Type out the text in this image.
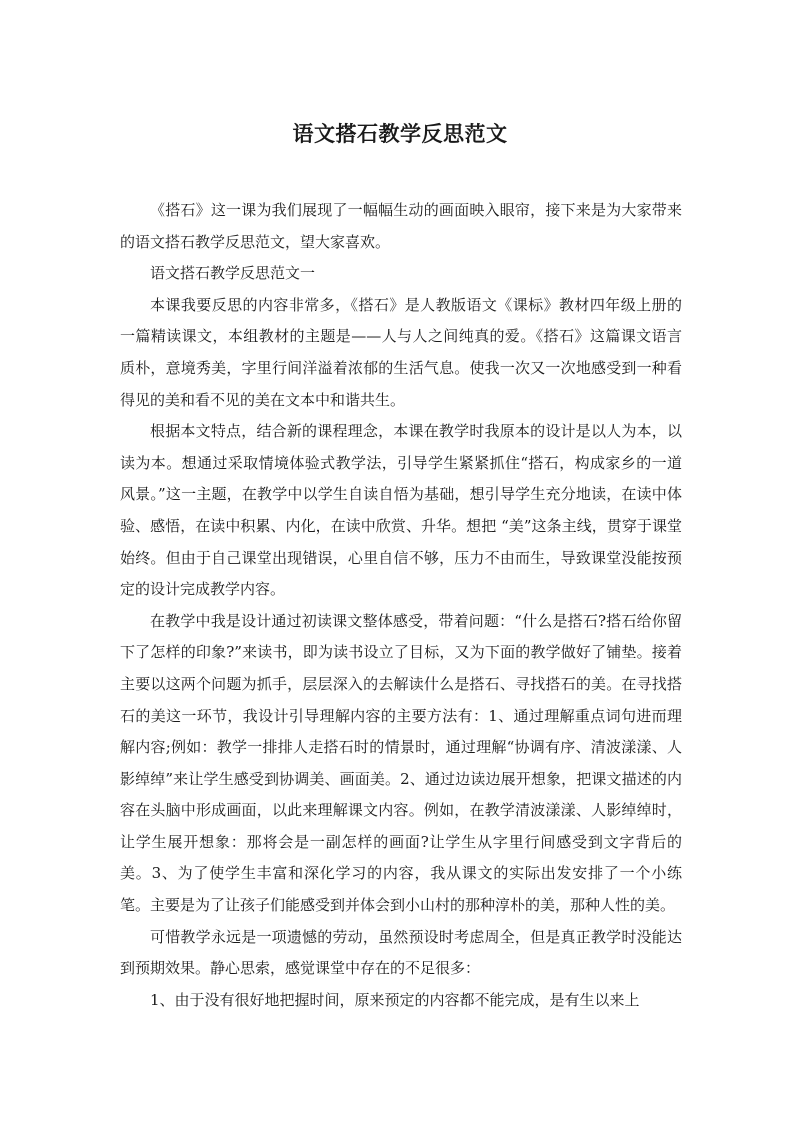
语文搭石教学反思范文

《搭石》这一课为我们展现了一幅幅生动的画面映入眼帘，接下来是为大家带来的语文搭石教学反思范文，望大家喜欢。

语文搭石教学反思范文一

本课我要反思的内容非常多，《搭石》是人教版语文《课标》教材四年级上册的一篇精读课文，本组教材的主题是——人与人之间纯真的爱。《搭石》这篇课文语言质朴，意境秀美，字里行间洋溢着浓郁的生活气息。使我一次又一次地感受到一种看得见的美和看不见的美在文本中和谐共生。

根据本文特点，结合新的课程理念，本课在教学时我原本的设计是以人为本，以读为本。想通过采取情境体验式教学法，引导学生紧紧抓住“搭石，构成家乡的一道风景。”这一主题，在教学中以学生自读自悟为基础，想引导学生充分地读，在读中体验、感悟，在读中积累、内化，在读中欣赏、升华。想把 “美”这条主线，贯穿于课堂始终。但由于自己课堂出现错误，心里自信不够，压力不由而生，导致课堂没能按预定的设计完成教学内容。

在教学中我是设计通过初读课文整体感受，带着问题：“什么是搭石?搭石给你留下了怎样的印象?”来读书，即为读书设立了目标，又为下面的教学做好了铺垫。接着主要以这两个问题为抓手，层层深入的去解读什么是搭石、寻找搭石的美。在寻找搭石的美这一环节，我设计引导理解内容的主要方法有：1、通过理解重点词句进而理解内容;例如：教学一排排人走搭石时的情景时，通过理解“协调有序、清波漾漾、人影绰绰”来让学生感受到协调美、画面美。2、通过边读边展开想象，把课文描述的内容在头脑中形成画面，以此来理解课文内容。例如，在教学清波漾漾、人影绰绰时，让学生展开想象：那将会是一副怎样的画面?让学生从字里行间感受到文字背后的美。3、为了使学生丰富和深化学习的内容，我从课文的实际出发安排了一个小练笔。主要是为了让孩子们能感受到并体会到小山村的那种淳朴的美，那种人性的美。

可惜教学永远是一项遗憾的劳动，虽然预设时考虑周全，但是真正教学时没能达到预期效果。静心思索，感觉课堂中存在的不足很多：

1、由于没有很好地把握时间，原来预定的内容都不能完成，是有生以来上
